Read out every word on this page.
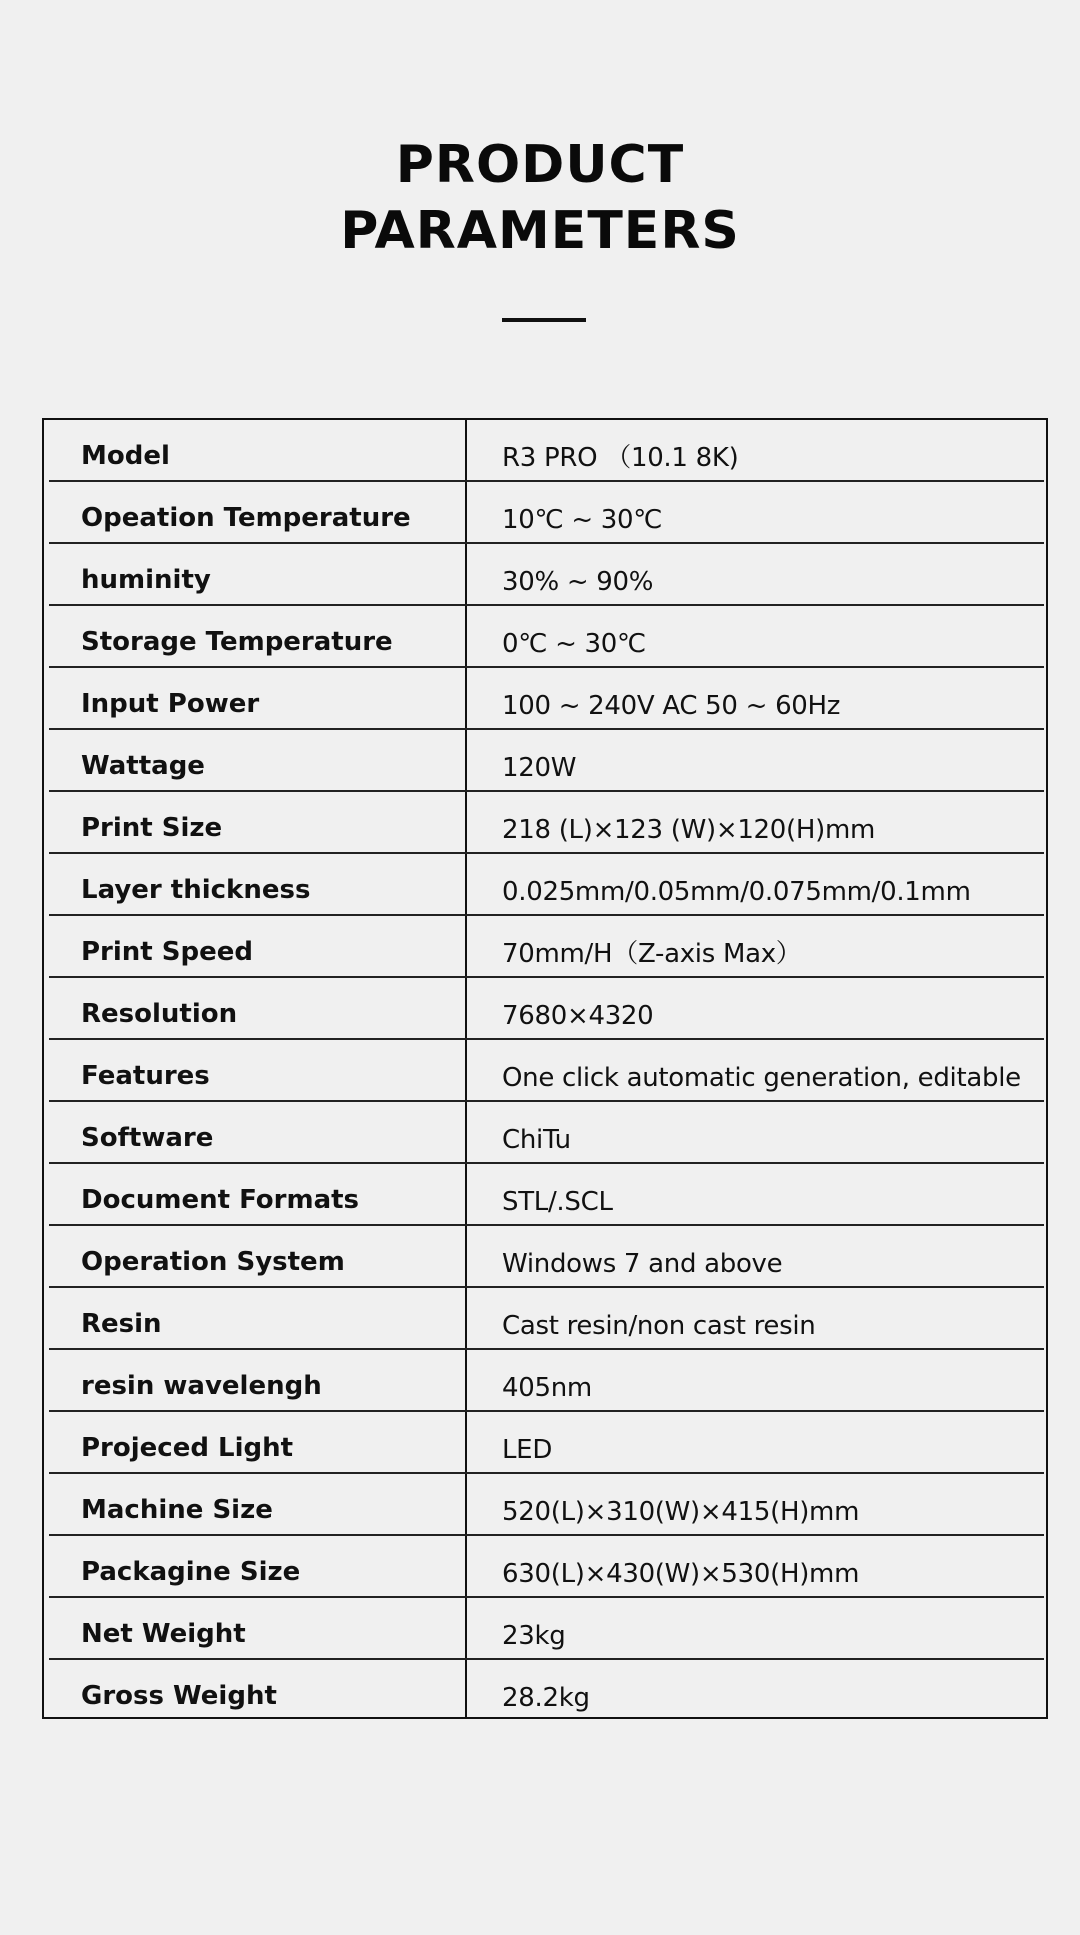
PRODUCT
PARAMETERS
Model	R3 PRO （10.1 8K)
Opeation Temperature	10℃ ~ 30℃
huminity	30% ~ 90%
Storage Temperature	0℃ ~ 30℃
Input Power	100 ~ 240V AC 50 ~ 60Hz
Wattage	120W
Print Size	218 (L)×123 (W)×120(H)mm
Layer thickness	0.025mm/0.05mm/0.075mm/0.1mm
Print Speed	70mm/H（Z-axis Max）
Resolution	7680×4320
Features	One click automatic generation, editable
Software	ChiTu
Document Formats	STL/.SCL
Operation System	Windows 7 and above
Resin	Cast resin/non cast resin
resin wavelengh	405nm
Projeced Light	LED
Machine Size	520(L)×310(W)×415(H)mm
Packagine Size	630(L)×430(W)×530(H)mm
Net Weight	23kg
Gross Weight	28.2kg
